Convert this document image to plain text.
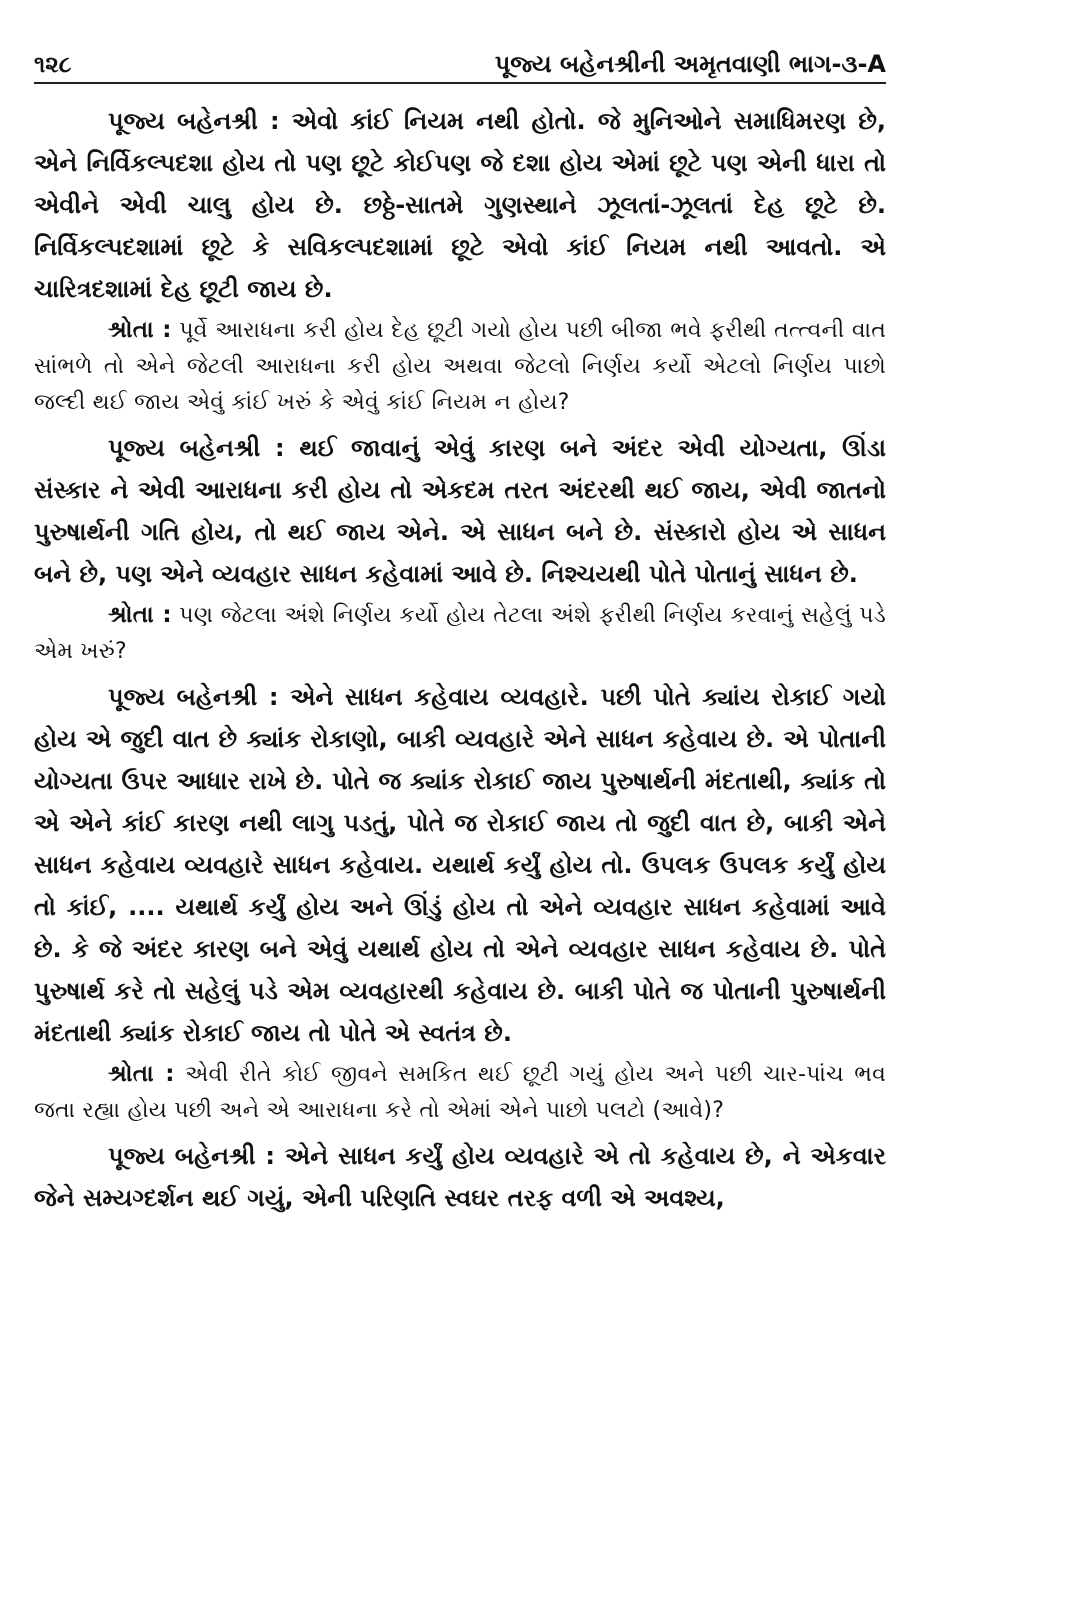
૧૨૮	પૂજ્ય બહેનશ્રીની અમૃતવાણી ભાગ-૩-A

પૂજ્ય બહેનશ્રી : એવો કાંઈ નિયમ નથી હોતો. જે મુનિઓને સમાધિમરણ છે, એને નિર્વિકલ્પદશા હોય તો પણ છૂટે કોઈપણ જે દશા હોય એમાં છૂટે પણ એની ધારા તો એવીને એવી ચાલુ હોય છે. છઠ્ઠે-સાતમે ગુણસ્થાને ઝૂલતાં-ઝૂલતાં દેહ છૂટે છે. નિર્વિકલ્પદશામાં છૂટે કે સવિકલ્પદશામાં છૂટે એવો કાંઈ નિયમ નથી આવતો. એ ચારિત્રદશામાં દેહ છૂટી જાય છે.

શ્રોતા : પૂર્વે આરાધના કરી હોય દેહ છૂટી ગયો હોય પછી બીજા ભવે ફરીથી તત્ત્વની વાત સાંભળે તો એને જેટલી આરાધના કરી હોય અથવા જેટલો નિર્ણય કર્યો એટલો નિર્ણય પાછો જલ્દી થઈ જાય એવું કાંઈ ખરું કે એવું કાંઈ નિયમ ન હોય?

પૂજ્ય બહેનશ્રી : થઈ જાવાનું એવું કારણ બને અંદર એવી યોગ્યતા, ઊંડા સંસ્કાર ને એવી આરાધના કરી હોય તો એકદમ તરત અંદરથી થઈ જાય, એવી જાતનો પુરુષાર્થની ગતિ હોય, તો થઈ જાય એને. એ સાધન બને છે. સંસ્કારો હોય એ સાધન બને છે, પણ એને વ્યવહાર સાધન કહેવામાં આવે છે. નિશ્ચયથી પોતે પોતાનું સાધન છે.

શ્રોતા : પણ જેટલા અંશે નિર્ણય કર્યો હોય તેટલા અંશે ફરીથી નિર્ણય કરવાનું સહેલું પડે એમ ખરું?

પૂજ્ય બહેનશ્રી : એને સાધન કહેવાય વ્યવહારે. પછી પોતે ક્યાંય રોકાઈ ગયો હોય એ જુદી વાત છે ક્યાંક રોકાણો, બાકી વ્યવહારે એને સાધન કહેવાય છે. એ પોતાની યોગ્યતા ઉપર આધાર રાખે છે. પોતે જ ક્યાંક રોકાઈ જાય પુરુષાર્થની મંદતાથી, ક્યાંક તો એ એને કાંઈ કારણ નથી લાગુ પડતું, પોતે જ રોકાઈ જાય તો જુદી વાત છે, બાકી એને સાધન કહેવાય વ્યવહારે સાધન કહેવાય. યથાર્થ કર્યું હોય તો. ઉપલક ઉપલક કર્યું હોય તો કાંઈ, .... યથાર્થ કર્યું હોય અને ઊંડું હોય તો એને વ્યવહાર સાધન કહેવામાં આવે છે. કે જે અંદર કારણ બને એવું યથાર્થ હોય તો એને વ્યવહાર સાધન કહેવાય છે. પોતે પુરુષાર્થ કરે તો સહેલું પડે એમ વ્યવહારથી કહેવાય છે. બાકી પોતે જ પોતાની પુરુષાર્થની મંદતાથી ક્યાંક રોકાઈ જાય તો પોતે એ સ્વતંત્ર છે.

શ્રોતા : એવી રીતે કોઈ જીવને સમકિત થઈ છૂટી ગયું હોય અને પછી ચાર-પાંચ ભવ જતા રહ્યા હોય પછી અને એ આરાધના કરે તો એમાં એને પાછો પલટો (આવે)?

પૂજ્ય બહેનશ્રી : એને સાધન કર્યું હોય વ્યવહારે એ તો કહેવાય છે, ને એકવાર જેને સમ્યગ્દર્શન થઈ ગયું, એની પરિણતિ સ્વઘર તરફ વળી એ અવશ્ય,
